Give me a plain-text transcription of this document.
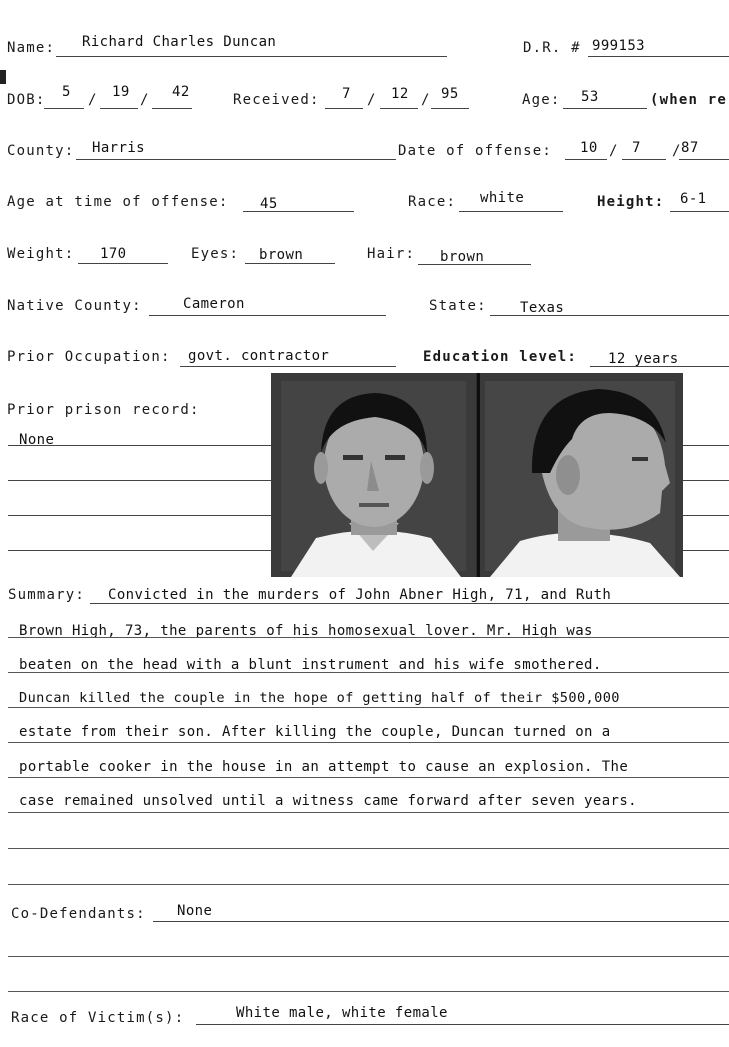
Name: Richard Charles Duncan	D.R. # 999153
DOB: 5 / 19 / 42	Received: 7 / 12 / 95	Age: 53	(when re
County: Harris	Date of offense: 10 / 7 / 87
Age at time of offense: 45	Race: white	Height: 6-1
Weight: 170	Eyes: brown	Hair: brown
Native County:	Cameron	State: Texas
Prior Occupation: govt. contractor	Education level: 12 years
Prior prison record:
None
Summary: Convicted in the murders of John Abner High, 71, and Ruth
Brown High, 73, the parents of his homosexual lover. Mr. High was
beaten on the head with a blunt instrument and his wife smothered.
Duncan killed the couple in the hope of getting half of their $500,000
estate from their son. After killing the couple, Duncan turned on a
portable cooker in the house in an attempt to cause an explosion. The
case remained unsolved until a witness came forward after seven years.
Co-Defendants: None
Race of Victim(s):	White male, white female
